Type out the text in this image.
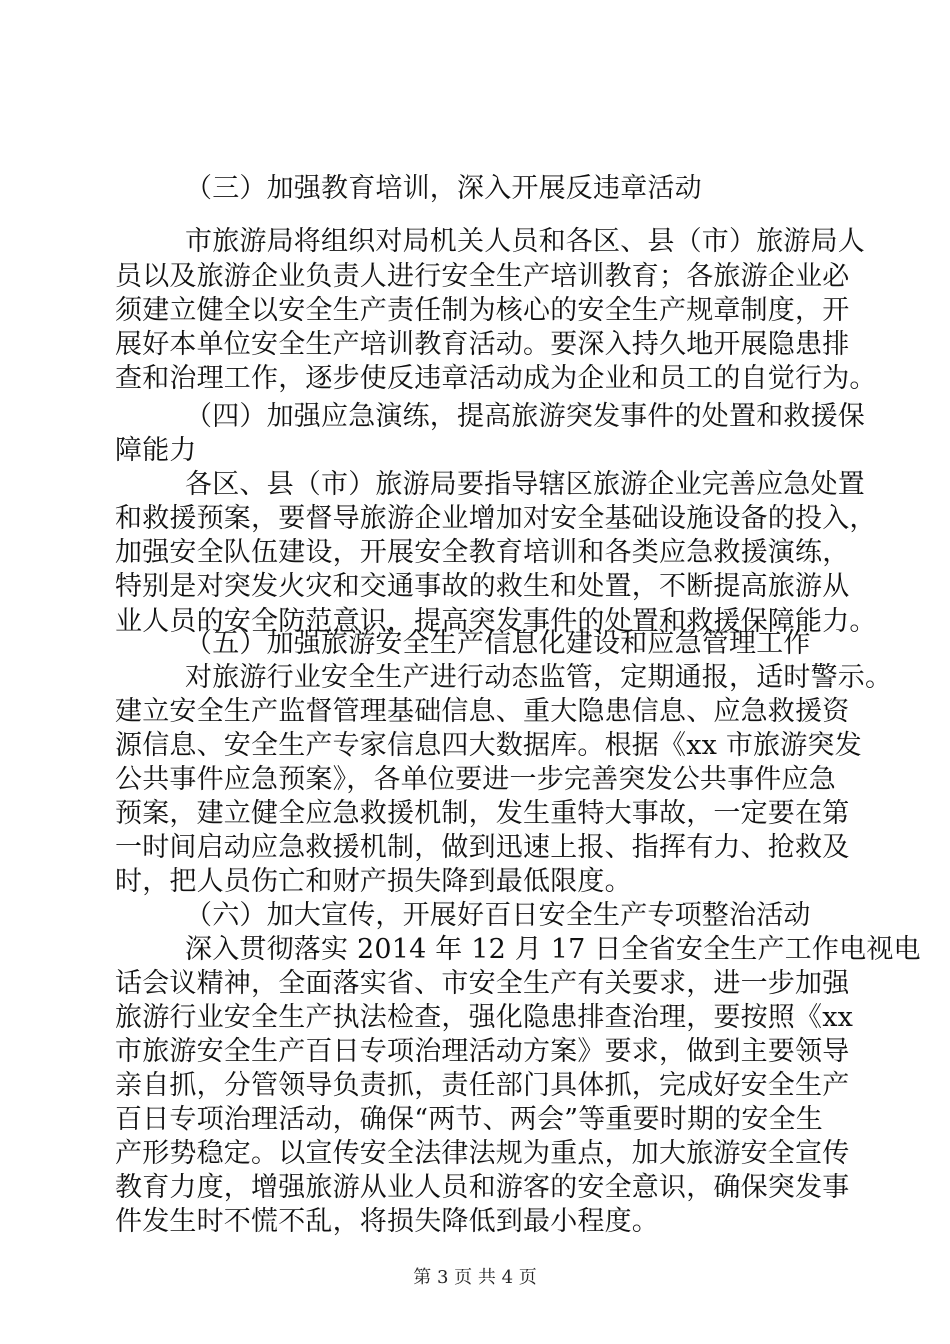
（三）加强教育培训，深入开展反违章活动
市旅游局将组织对局机关人员和各区、县（市）旅游局人
员以及旅游企业负责人进行安全生产培训教育；各旅游企业必
须建立健全以安全生产责任制为核心的安全生产规章制度，开
展好本单位安全生产培训教育活动。要深入持久地开展隐患排
查和治理工作，逐步使反违章活动成为企业和员工的自觉行为。
（四）加强应急演练，提高旅游突发事件的处置和救援保
障能力
各区、县（市）旅游局要指导辖区旅游企业完善应急处置
和救援预案，要督导旅游企业增加对安全基础设施设备的投入，
加强安全队伍建设，开展安全教育培训和各类应急救援演练，
特别是对突发火灾和交通事故的救生和处置，不断提高旅游从
业人员的安全防范意识，提高突发事件的处置和救援保障能力。
（五）加强旅游安全生产信息化建设和应急管理工作
对旅游行业安全生产进行动态监管，定期通报，适时警示。
建立安全生产监督管理基础信息、重大隐患信息、应急救援资
源信息、安全生产专家信息四大数据库。根据《xx 市旅游突发
公共事件应急预案》，各单位要进一步完善突发公共事件应急
预案，建立健全应急救援机制，发生重特大事故，一定要在第
一时间启动应急救援机制，做到迅速上报、指挥有力、抢救及
时，把人员伤亡和财产损失降到最低限度。
（六）加大宣传，开展好百日安全生产专项整治活动
深入贯彻落实 2014 年 12 月 17 日全省安全生产工作电视电
话会议精神，全面落实省、市安全生产有关要求，进一步加强
旅游行业安全生产执法检查，强化隐患排查治理，要按照《xx
市旅游安全生产百日专项治理活动方案》要求，做到主要领导
亲自抓，分管领导负责抓，责任部门具体抓，完成好安全生产
百日专项治理活动，确保“两节、两会”等重要时期的安全生
产形势稳定。以宣传安全法律法规为重点，加大旅游安全宣传
教育力度，增强旅游从业人员和游客的安全意识，确保突发事
件发生时不慌不乱，将损失降低到最小程度。
第 3 页 共 4 页
